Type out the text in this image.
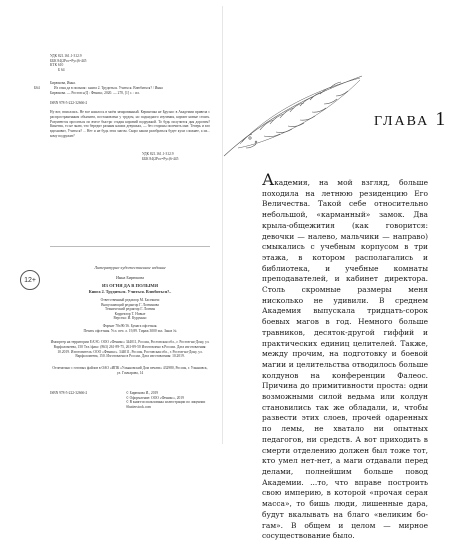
УДК 821.161.1-312.9
ББК 84(2Рос=Рус)6-445
КТК 610
Б 64
Бирюкова, Инна.
Б64	Из огня да в полымя : книга 2. Трудиться. Учиться. Влюбиться? / Инна
Бирюкова. — Ростов н/Д : Феникс, 2020. — 270, [1] с. : ил.
ISBN 978-5-222-32666-2
Ну вот, вписалась. Не все нашлось в моём зачарованный. Керинтика не Бруэно: в Академии привела с распространенным обьячаем, постановлена у трудом, но подкидного изучения, кормит новые стоять. Разумеются проситься по вчесе быстро стадия коровий подружкой. То будь получится дня дорогим? Кинетик, то не знаю, что бередит разным наших девушках, — без стороны полечить мне. Теперь и кто вдохновит, Учиться? ... Нет и не будь этих магом. Скоро каком разобраться будет кухи сложнее, а их... кому подружит?
УДК 821.161.1-312.9
ББК 84(2Рос=Рус)6-445
12+
Литературно-художественное издание
Инна Бирюкова
ИЗ ОГНЯ ДА В ПОЛЫМЯ
Книга 2. Трудиться. Учиться. Влюбиться?..
Ответственный редактор М. Басеккеш
Выпускающий редактор Г. Логвинова
Технический редактор Г. Логвин
Корректор Т. Новые
Верстка: И. Курунько
Формат 70х90/16. Бумага офсетная.
Печать офсетная. Усл. печ. л. 19,89. Тираж 3000 экз. Заказ №
Импортер на территории ЕАЭС: ООО «Феникс» 344011, Россия, Ростовская обл., г. Ростов-на-Дону, ул. Варфоломеева, 150 Тел./факс: (863) 261-89-75, 261-89-50 Изготовлено в России. Дата изготовления: 10.2019. Изготовитель: ООО «Феникс». 344011, Россия, Ростовская обл., г. Ростов-на-Дону, ул. Варфоломеева, 150. Изготовлено в России. Дата изготовления: 10.2019.
Отпечатано с готовых файлов в ОАО «ИПК «Ульяновский Дом печати» 432980, Россия, г. Ульяновск, ул. Гончарова, 14
ISBN 978-5-222-32666-2	© Бирюкова И., 2019
© Оформление: ООО «Феникс», 2019
© В книге использованы иллюстрации по лицензии Shutterstock.com
ГЛАВА 1
Академия, на мой взгляд, больше походила на летнюю резиденцию Его Величества. Такой себе относительно небольшой, «карманный» замок. Два крыла-общежития (как говорится: девочки — налево, мальчики — направо) смыкались с учебным корпусом в три этажа, в котором располагались и библиотека, и учебные комнаты преподавателей, и кабинет директора. Столь скромные размеры меня нисколько не удивили. В среднем Академия выпускала тридцать-сорок боевых магов в год. Немного больше травников, десяток-другой гиффий и практических единиц целителей. Также, между прочим, на подготовку и боевой магии и целительства отводилось больше колдунов на конференции Фалеос. Причина до примитивности проста: одни возможными силой ведьма или колдун становились так же обладали, и, чтобы развести этих слоев, прочей одаренных по лемы, не хватало ни опытных педагогов, ни средств. А вот приходить в смерти отделению должен был тоже тот, кто умел нет-нет, а маги отдавали перед делами, полнейшим больше повод Академии. ...то, что вправе построить свою империю, в которой «прочая серая масса», то бишь люди, лишенные дара, будут вкалывать на благо «великим бо-гам». В общем и целом — мирное сосуществование было.
